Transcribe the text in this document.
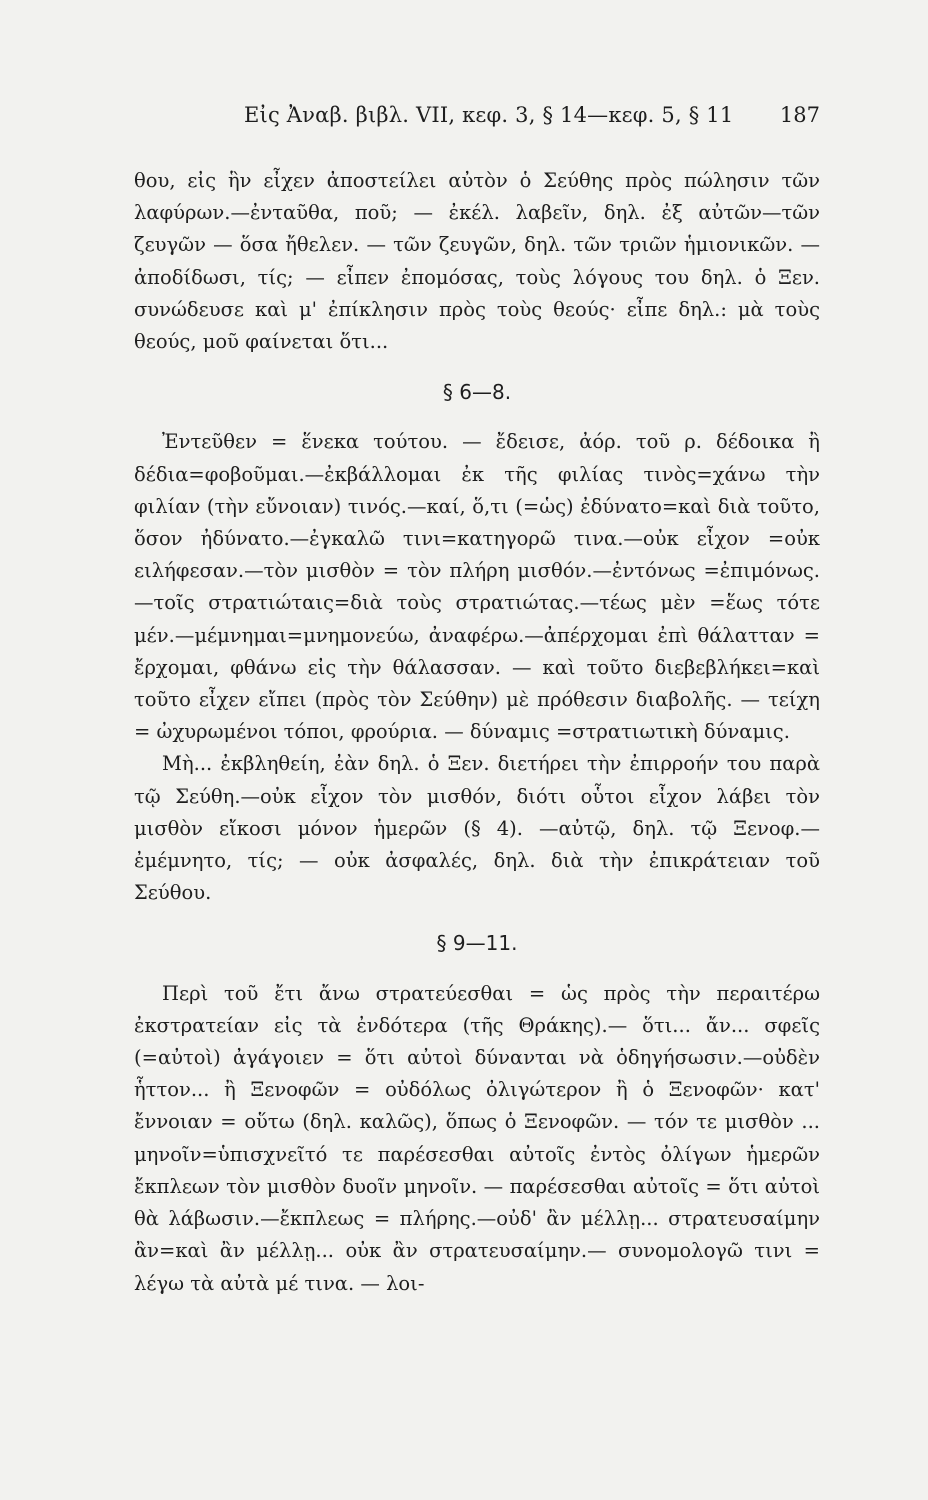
Εἰς Ἀναβ. βιβλ. VII, κεφ. 3, § 14—κεφ. 5, § 11 187

θου, εἰς ἣν εἶχεν ἀποστείλει αὐτὸν ὁ Σεύθης πρὸς πώλησιν τῶν λαφύρων.—ἐνταῦθα, ποῦ; — ἐκέλ. λαβεῖν, δηλ. ἐξ αὐτῶν—τῶν ζευγῶν — ὅσα ἤθελεν. — τῶν ζευγῶν, δηλ. τῶν τριῶν ἡμιονικῶν. — ἀποδίδωσι, τίς; — εἶπεν ἐπομόσας, τοὺς λόγους του δηλ. ὁ Ξεν. συνώδευσε καὶ μ' ἐπίκλησιν πρὸς τοὺς θεούς· εἶπε δηλ.: μὰ τοὺς θεούς, μοῦ φαίνεται ὅτι...

§ 6—8.

Ἐντεῦθεν = ἕνεκα τούτου. — ἔδεισε, ἀόρ. τοῦ ρ. δέδοικα ἢ δέδια=φοβοῦμαι.—ἐκβάλλομαι ἐκ τῆς φιλίας τινὸς=χάνω τὴν φιλίαν (τὴν εὔνοιαν) τινός.—καί, ὅ,τι (=ὡς) ἐδύνατο=καὶ διὰ τοῦτο, ὅσον ἠδύνατο.—ἐγκαλῶ τινι=κατηγορῶ τινα.—οὐκ εἶχον =οὐκ ειλήφεσαν.—τὸν μισθὸν = τὸν πλήρη μισθόν.—ἐντόνως =ἐπιμόνως.—τοῖς στρατιώταις=διὰ τοὺς στρατιώτας.—τέως μὲν =ἕως τότε μέν.—μέμνημαι=μνημονεύω, ἀναφέρω.—ἀπέρχομαι ἐπὶ θάλατταν = ἔρχομαι, φθάνω εἰς τὴν θάλασσαν. — καὶ τοῦτο διεβεβλήκει=καὶ τοῦτο εἶχεν εἴπει (πρὸς τὸν Σεύθην) μὲ πρόθεσιν διαβολῆς. — τείχη = ὠχυρωμένοι τόποι, φρούρια. — δύναμις =στρατιωτικὴ δύναμις.

Μὴ... ἐκβληθείη, ἐὰν δηλ. ὁ Ξεν. διετήρει τὴν ἐπιρροήν του παρὰ τῷ Σεύθη.—οὐκ εἶχον τὸν μισθόν, διότι οὗτοι εἶχον λάβει τὸν μισθὸν εἴκοσι μόνον ἡμερῶν (§ 4). —αὐτῷ, δηλ. τῷ Ξενοφ.— ἐμέμνητο, τίς; — οὐκ ἀσφαλές, δηλ. διὰ τὴν ἐπικράτειαν τοῦ Σεύθου.

§ 9—11.

Περὶ τοῦ ἔτι ἄνω στρατεύεσθαι = ὡς πρὸς τὴν περαιτέρω ἐκστρατείαν εἰς τὰ ἐνδότερα (τῆς Θράκης).— ὅτι... ἄν... σφεῖς (=αὐτοὶ) ἀγάγοιεν = ὅτι αὐτοὶ δύνανται νὰ ὁδηγήσωσιν.—οὐδὲν ἧττον... ἢ Ξενοφῶν = οὐδόλως ὀλιγώτερον ἢ ὁ Ξενοφῶν· κατ' ἔννοιαν = οὕτω (δηλ. καλῶς), ὅπως ὁ Ξενοφῶν. — τόν τε μισθὸν ... μηνοῖν=ὑπισχνεῖτό τε παρέσεσθαι αὐτοῖς ἐντὸς ὀλίγων ἡμερῶν ἔκπλεων τὸν μισθὸν δυοῖν μηνοῖν. — παρέσεσθαι αὐτοῖς = ὅτι αὐτοὶ θὰ λάβωσιν.—ἔκπλεως = πλήρης.—οὐδ' ἂν μέλλῃ... στρατευσαίμην ἂν=καὶ ἂν μέλλῃ... οὐκ ἂν στρατευσαίμην.— συνομολογῶ τινι = λέγω τὰ αὐτὰ μέ τινα. — λοι-
